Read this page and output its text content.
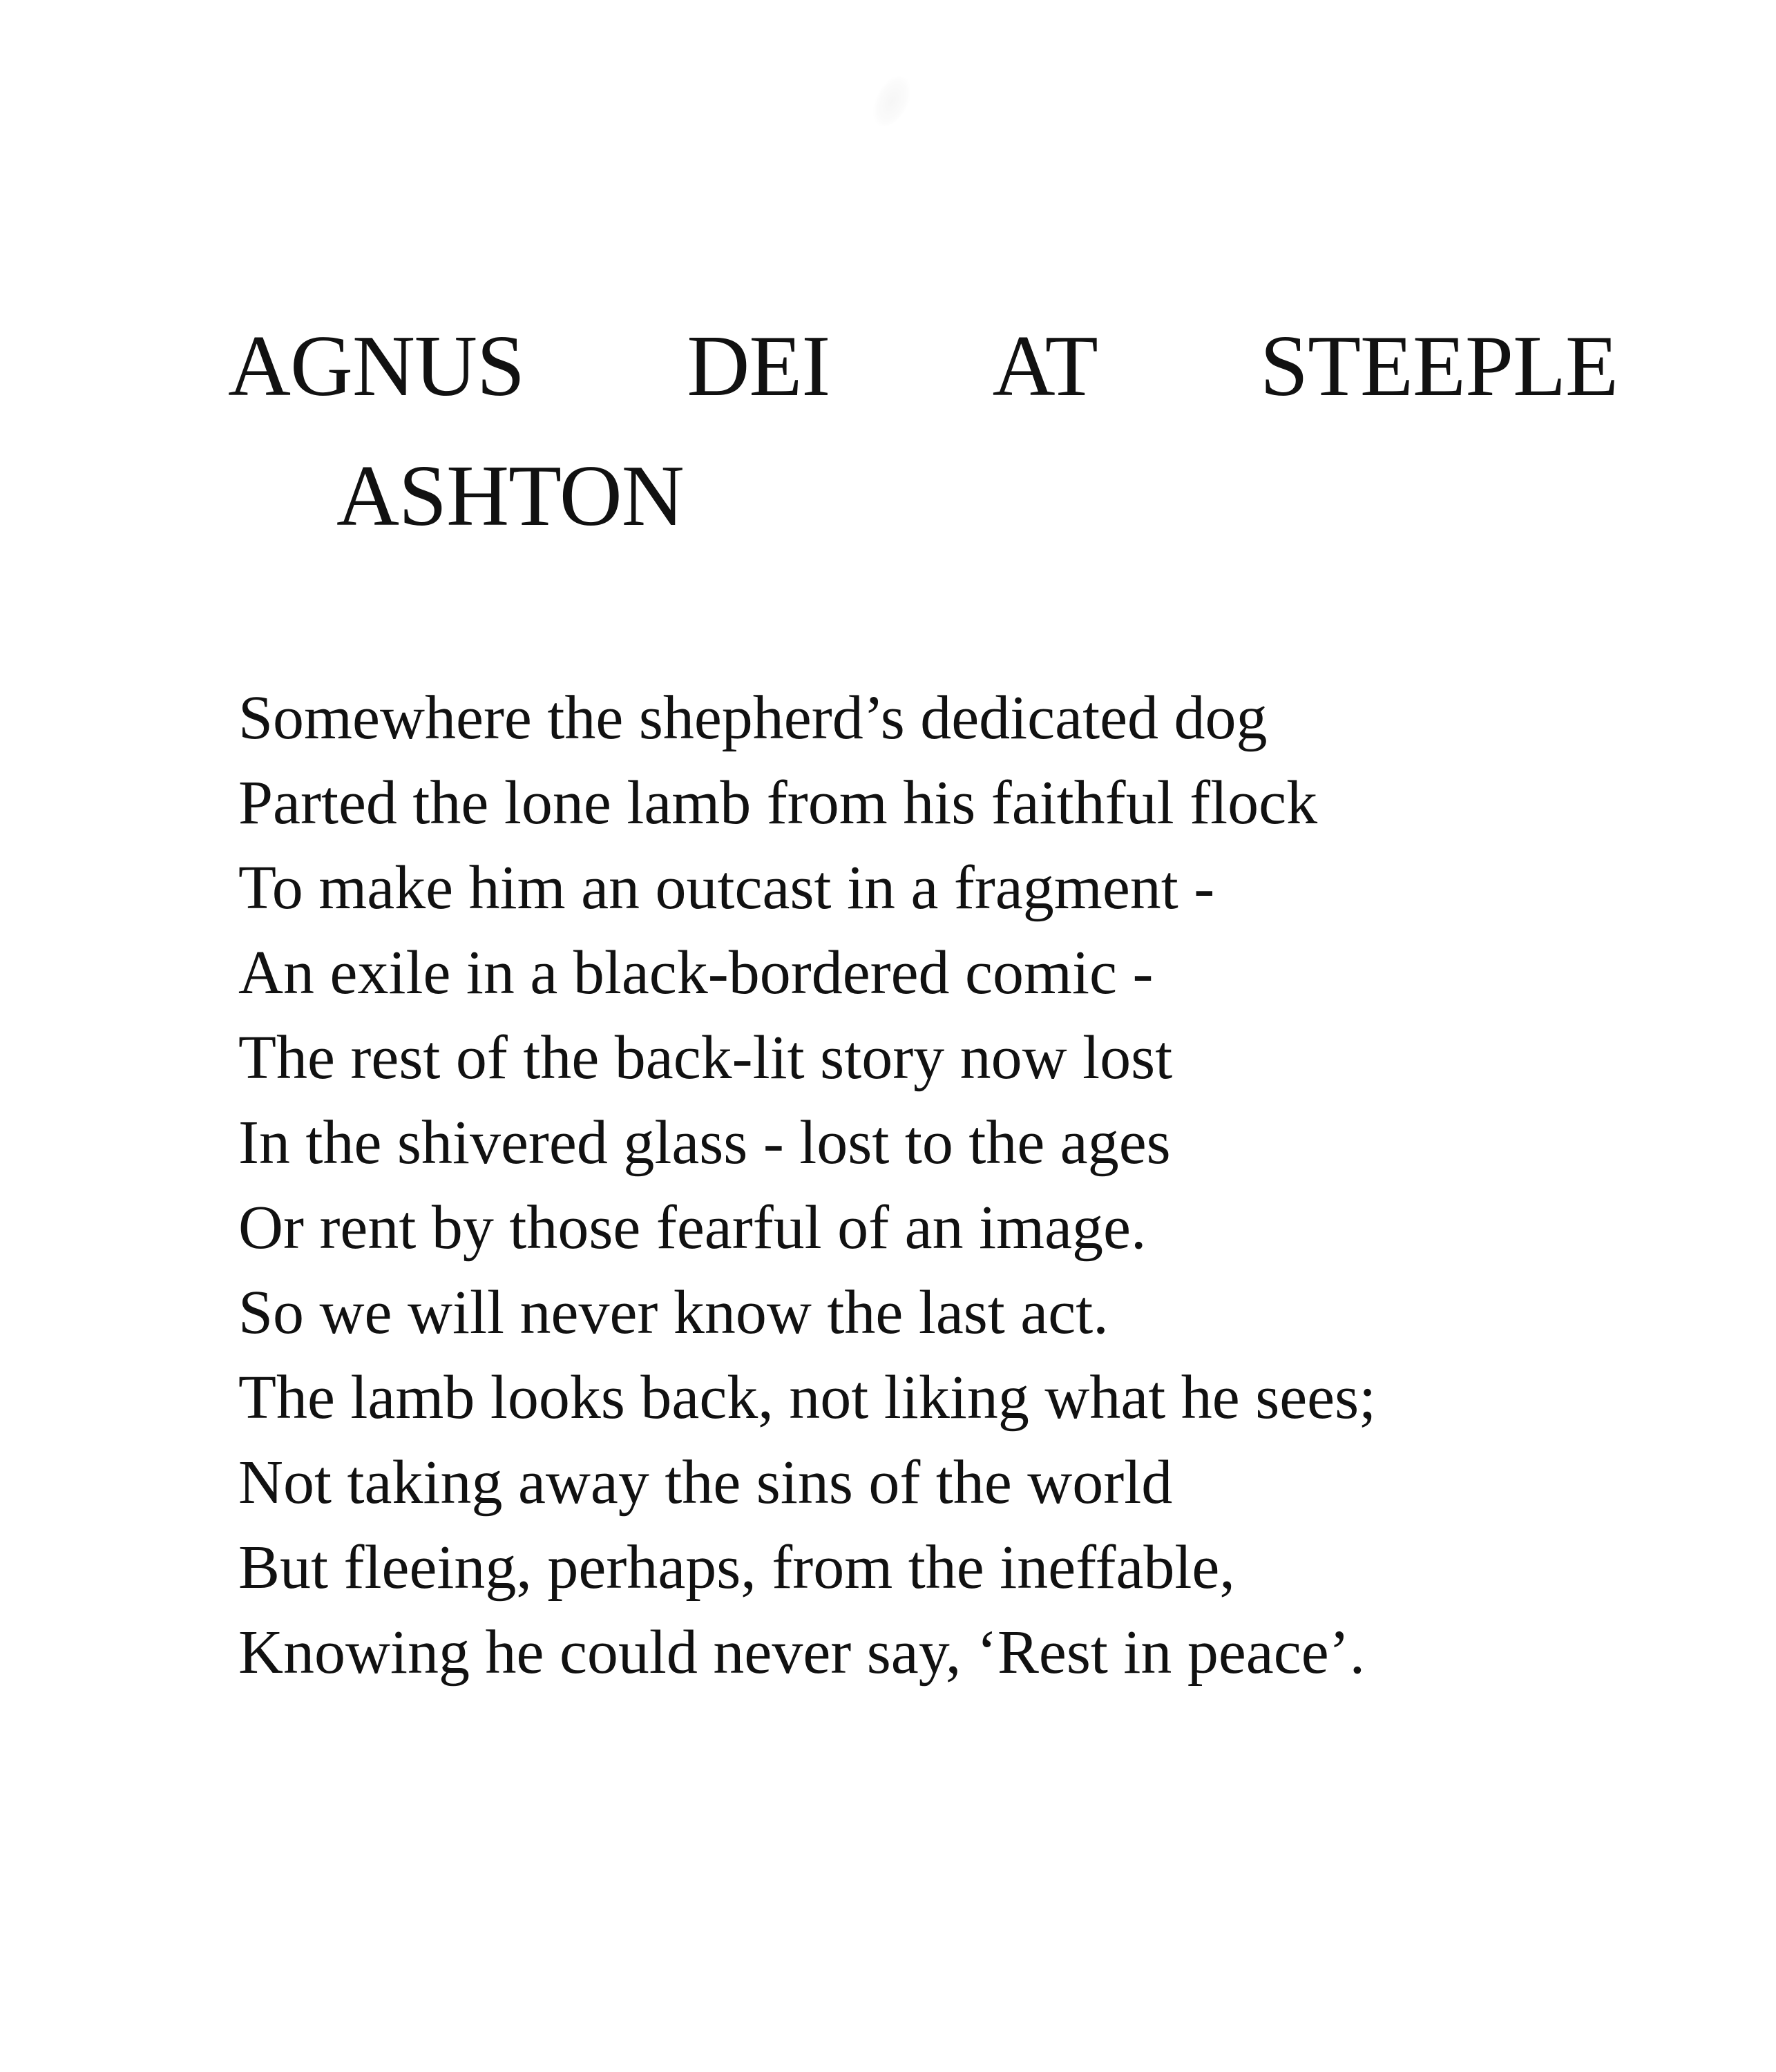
AGNUS DEI AT STEEPLE
ASHTON
Somewhere the shepherd’s dedicated dog
Parted the lone lamb from his faithful flock
To make him an outcast in a fragment -
An exile in a black-bordered comic -
The rest of the back-lit story now lost
In the shivered glass - lost to the ages
Or rent by those fearful of an image.
So we will never know the last act.
The lamb looks back, not liking what he sees;
Not taking away the sins of the world
But fleeing, perhaps, from the ineffable,
Knowing he could never say, ‘Rest in peace’.
